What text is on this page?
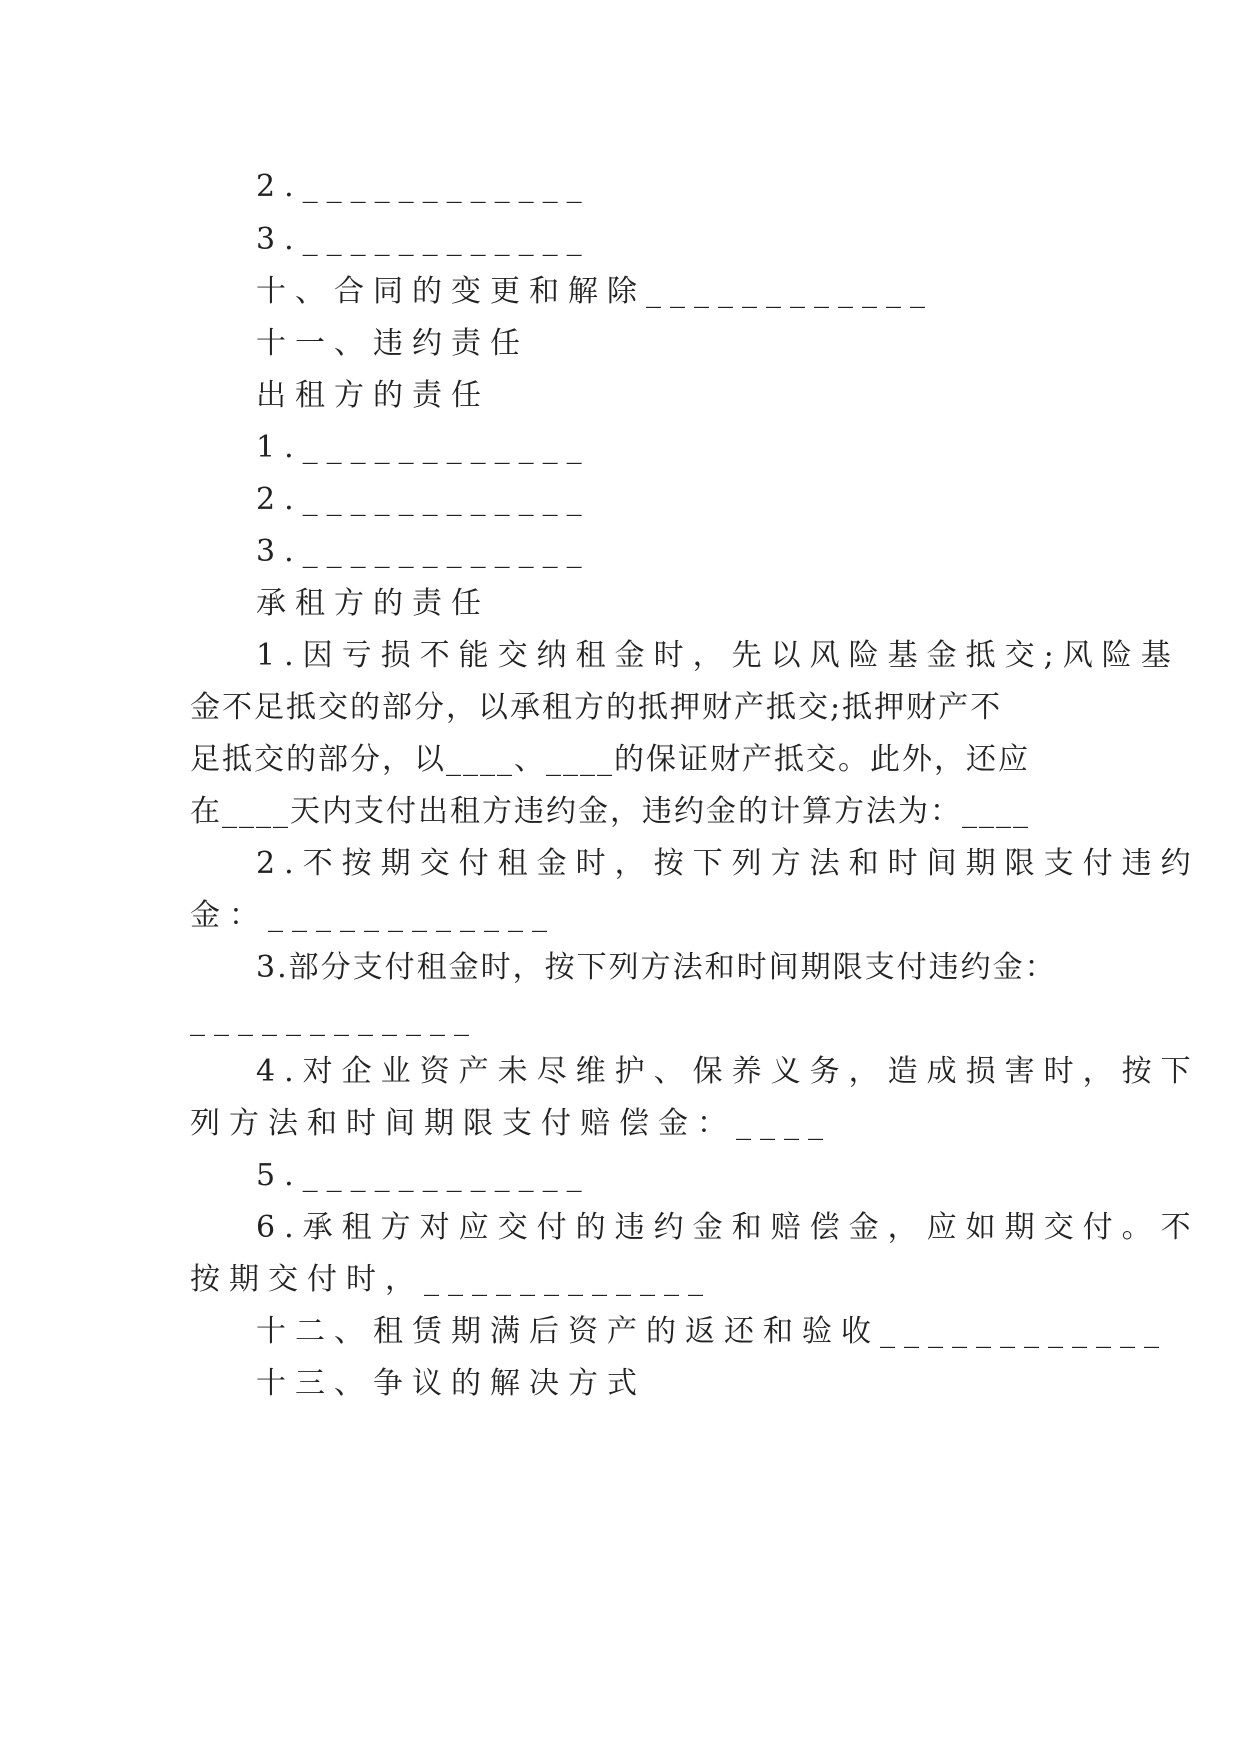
2.____________
3.____________
十、合同的变更和解除____________
十一、违约责任
出租方的责任
1.____________
2.____________
3.____________
承租方的责任
1.因亏损不能交纳租金时，先以风险基金抵交;风险基
金不足抵交的部分，以承租方的抵押财产抵交;抵押财产不
足抵交的部分，以____、____的保证财产抵交。此外，还应
在____天内支付出租方违约金，违约金的计算方法为：____
2.不按期交付租金时，按下列方法和时间期限支付违约
金：____________
3.部分支付租金时，按下列方法和时间期限支付违约金：
____________
4.对企业资产未尽维护、保养义务，造成损害时，按下
列方法和时间期限支付赔偿金：____
5.____________
6.承租方对应交付的违约金和赔偿金，应如期交付。不
按期交付时，____________
十二、租赁期满后资产的返还和验收____________
十三、争议的解决方式
